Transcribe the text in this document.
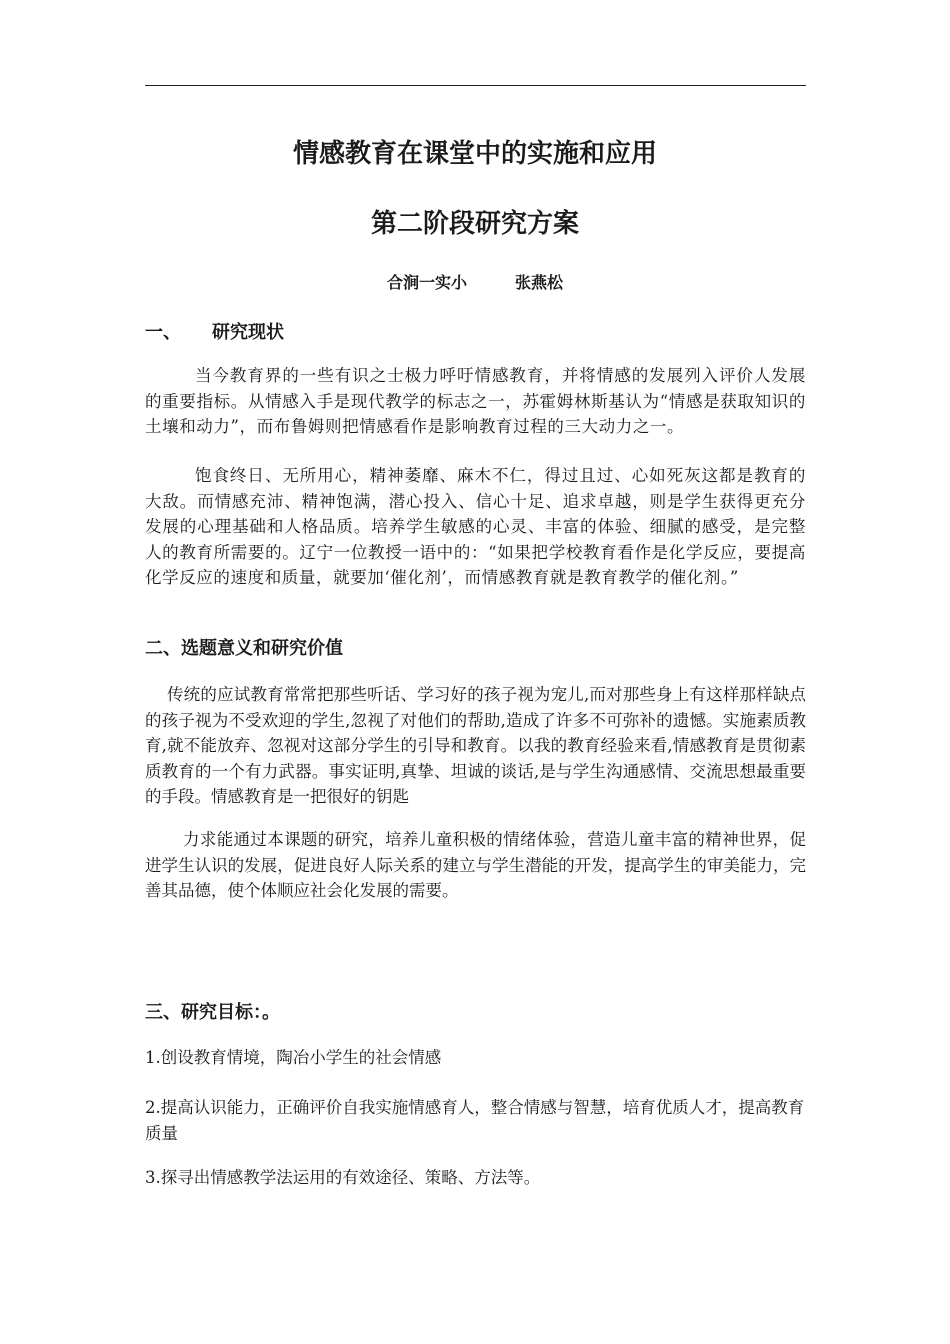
情感教育在课堂中的实施和应用
第二阶段研究方案
合涧一实小	张燕松
一、 研究现状

当今教育界的一些有识之士极力呼吁情感教育，并将情感的发展列入评价人发展的重要指标。从情感入手是现代教学的标志之一，苏霍姆林斯基认为“情感是获取知识的土壤和动力”，而布鲁姆则把情感看作是影响教育过程的三大动力之一。

饱食终日、无所用心，精神萎靡、麻木不仁，得过且过、心如死灰这都是教育的大敌。而情感充沛、精神饱满，潜心投入、信心十足、追求卓越，则是学生获得更充分发展的心理基础和人格品质。培养学生敏感的心灵、丰富的体验、细腻的感受，是完整人的教育所需要的。辽宁一位教授一语中的：“如果把学校教育看作是化学反应，要提高化学反应的速度和质量，就要加‘催化剂’，而情感教育就是教育教学的催化剂。”

二、选题意义和研究价值

传统的应试教育常常把那些听话、学习好的孩子视为宠儿,而对那些身上有这样那样缺点的孩子视为不受欢迎的学生,忽视了对他们的帮助,造成了许多不可弥补的遗憾。实施素质教育,就不能放弃、忽视对这部分学生的引导和教育。以我的教育经验来看,情感教育是贯彻素质教育的一个有力武器。事实证明,真挚、坦诚的谈话,是与学生沟通感情、交流思想最重要的手段。情感教育是一把很好的钥匙

力求能通过本课题的研究，培养儿童积极的情绪体验，营造儿童丰富的精神世界，促进学生认识的发展，促进良好人际关系的建立与学生潜能的开发，提高学生的审美能力，完善其品德，使个体顺应社会化发展的需要。

三、研究目标：。

1.创设教育情境，陶冶小学生的社会情感

2.提高认识能力，正确评价自我实施情感育人，整合情感与智慧，培育优质人才，提高教育质量

3.探寻出情感教学法运用的有效途径、策略、方法等。
